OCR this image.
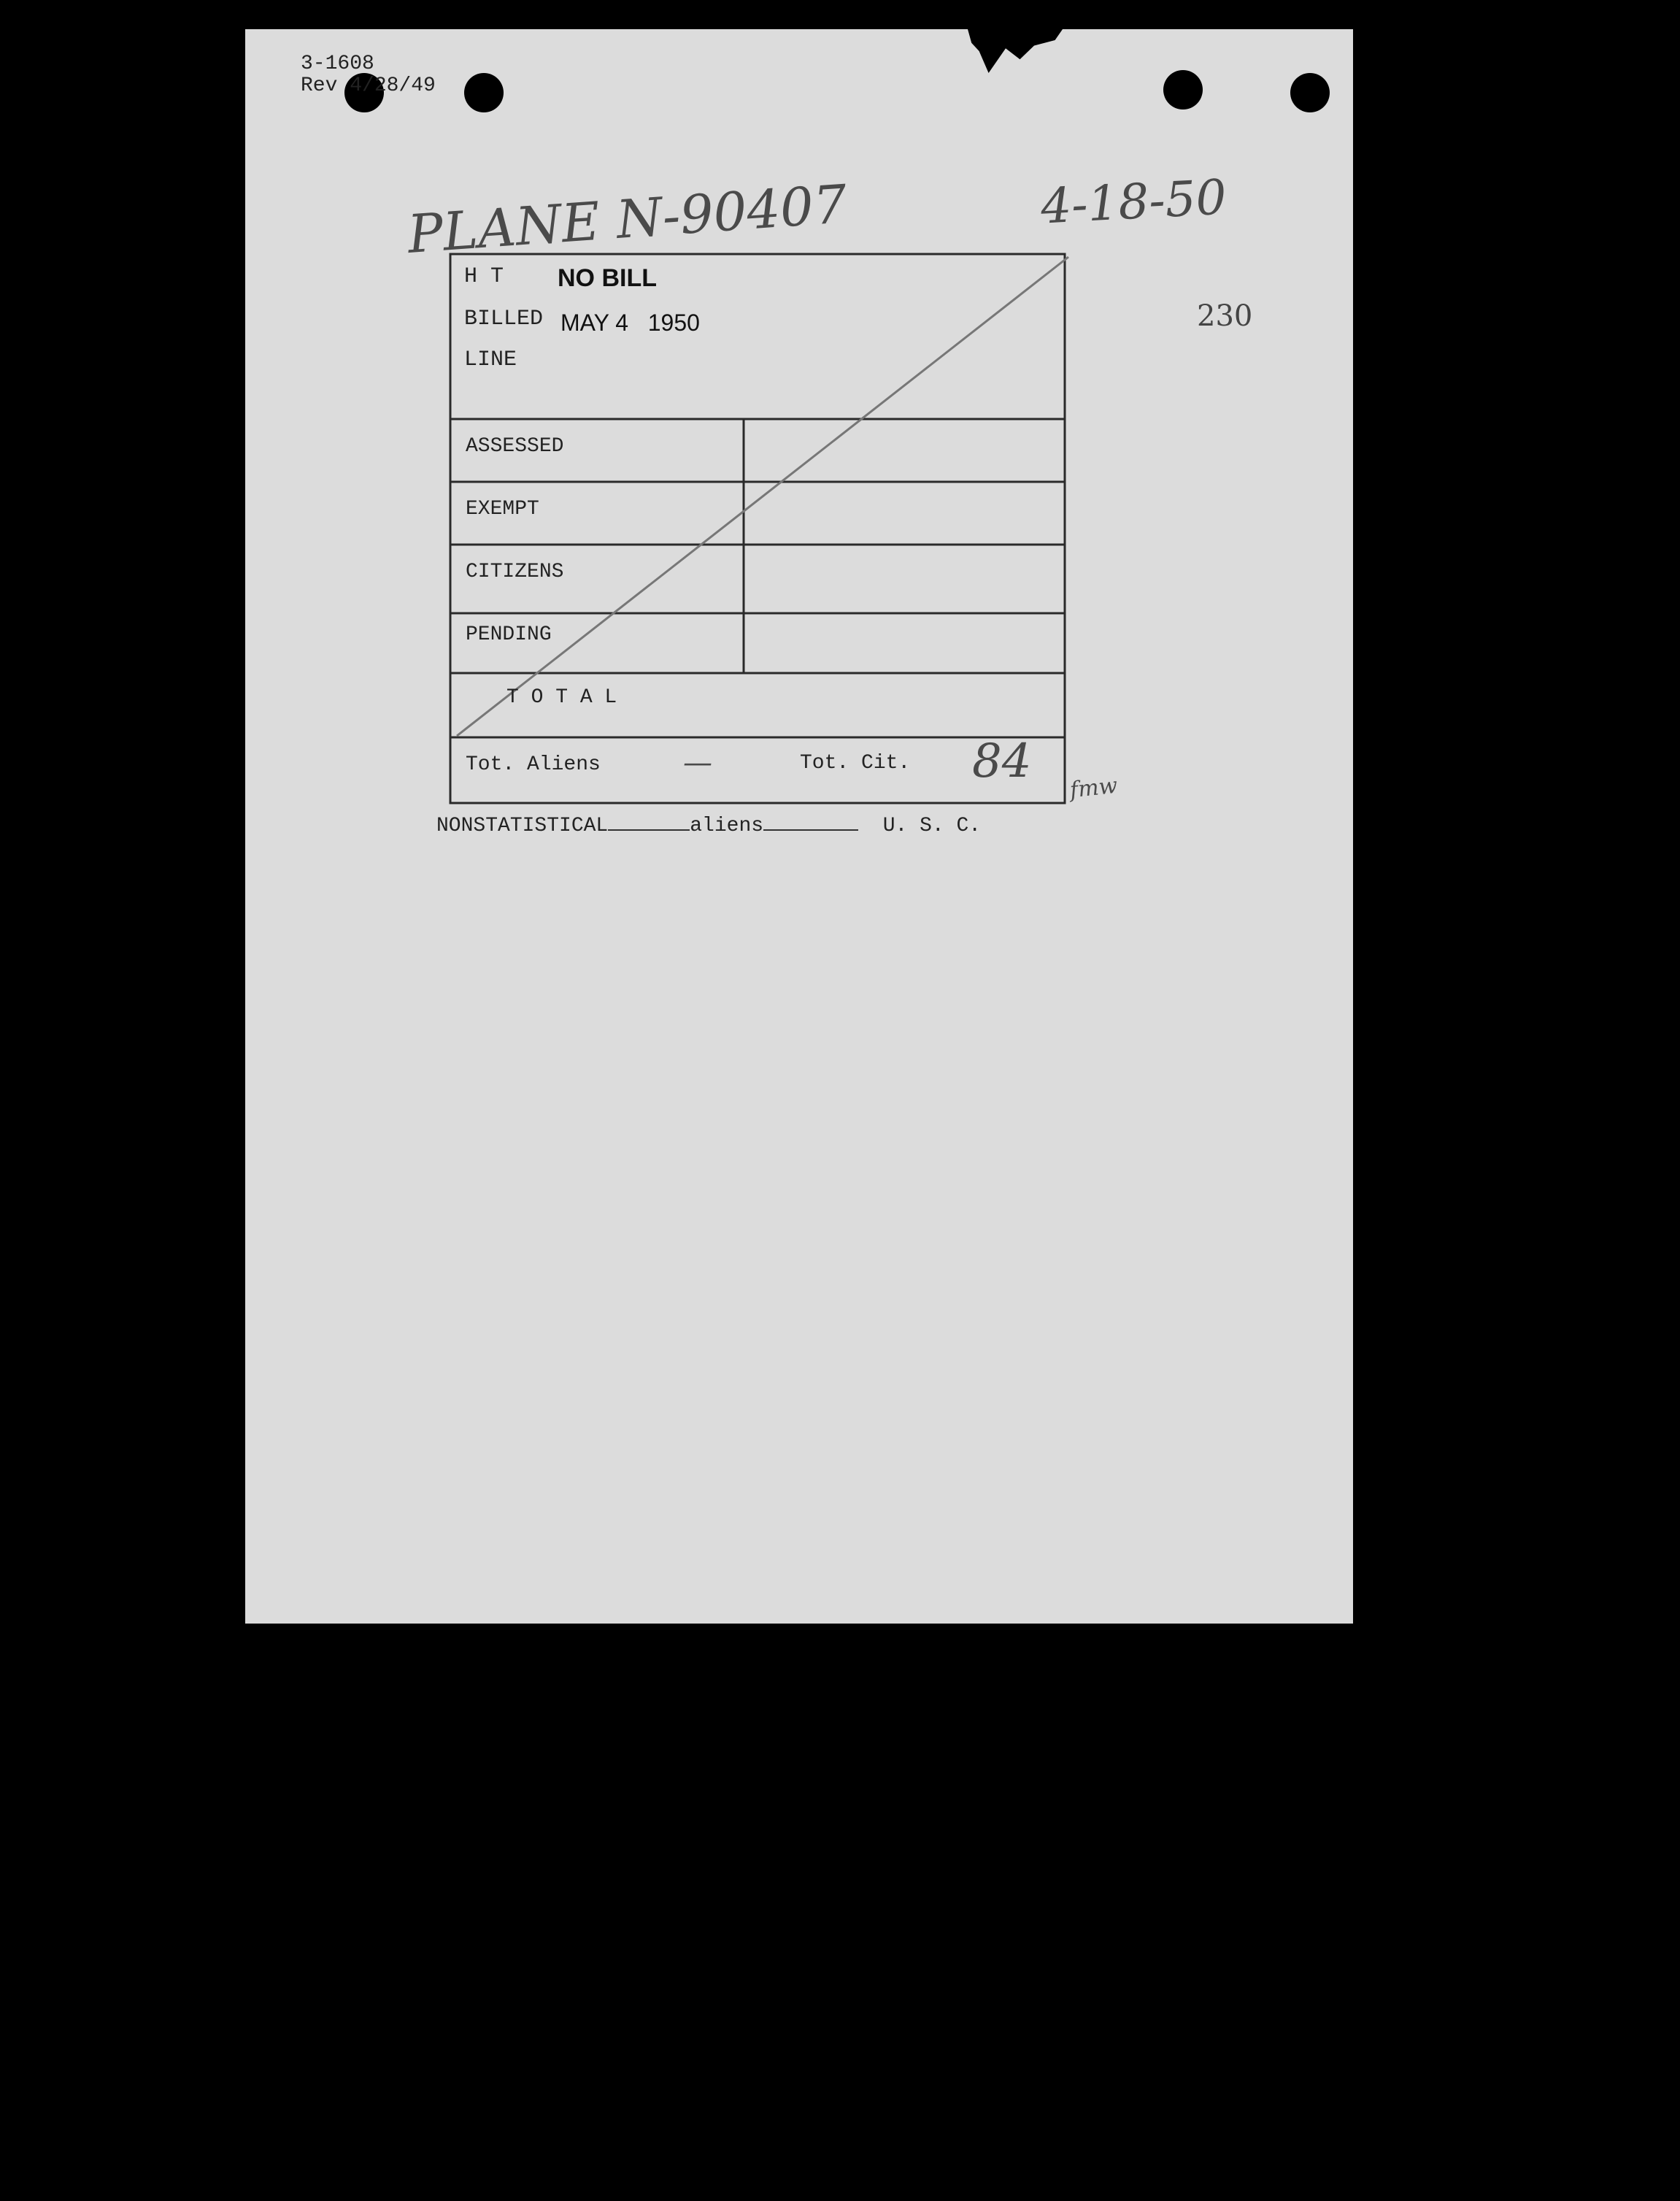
3-1608
Rev 4/28/49
PLANE N-90407	4-18-50
230
H T NO BILL
BILLED MAY 4   1950
LINE
ASSESSED
EXEMPT
CITIZENS
PENDING
T O T A L
Tot. Aliens	—	Tot. Cit. 84 fmw
NONSTATISTICAL	aliens	U. S. C.
